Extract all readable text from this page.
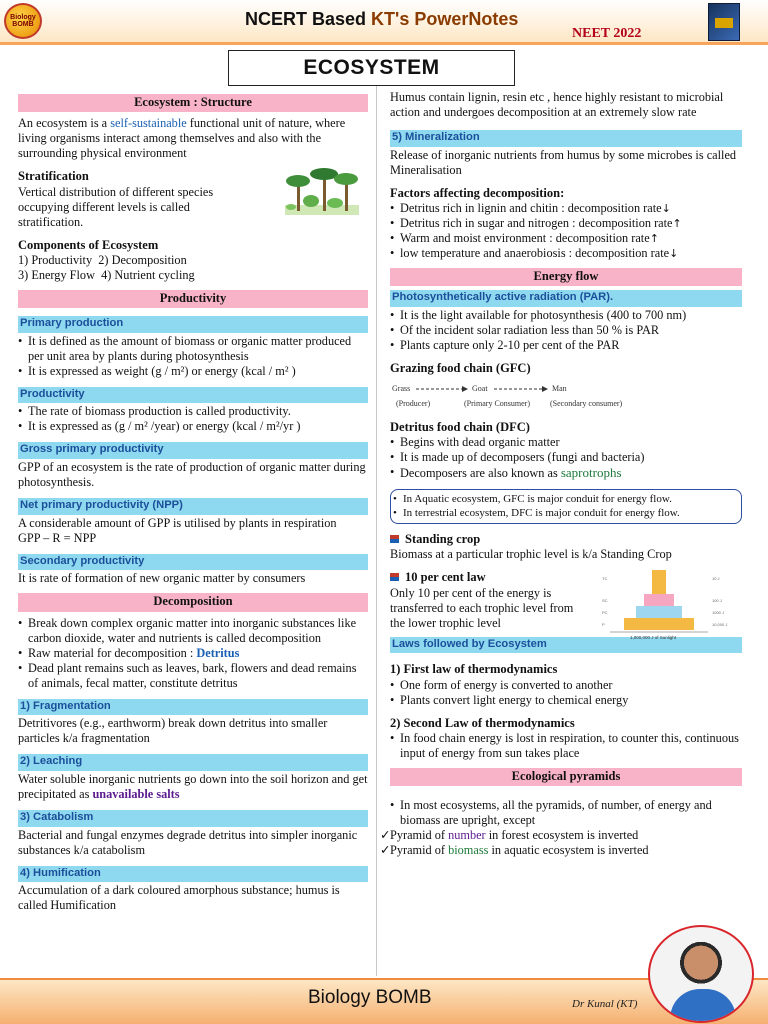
Biology BOMB	NCERT Based KT's PowerNotes
NEET 2022
ECOSYSTEM
Ecosystem : Structure

An ecosystem is a self-sustainable functional unit of nature, where living organisms interact among themselves and also with the surrounding physical environment

Stratification

Vertical distribution of different species occupying different levels is called stratification.

Components of Ecosystem

1) Productivity  2) Decomposition

3) Energy Flow  4) Nutrient cycling

Productivity
Primary production
• It is defined as the amount of biomass or organic matter produced per unit area by plants during photosynthesis
• It is expressed as weight (g / m²) or energy (kcal / m² )
Productivity
• The rate of biomass production is called productivity.
• It is expressed as (g / m² /year) or energy (kcal / m²/yr )
Gross primary productivity

GPP of an ecosystem is the rate of production of organic matter during photosynthesis.

Net primary productivity (NPP)

A considerable amount of GPP is utilised by plants in respirationGPP – R = NPP

Secondary productivity

It is rate of formation of new organic matter by consumers

Decomposition
• Break down complex organic matter into inorganic substances like carbon dioxide, water and nutrients is called decomposition
• Raw material for decomposition : Detritus
• Dead plant remains such as leaves, bark, flowers and dead remains of animals, fecal matter, constitute detritus
1) Fragmentation

Detritivores (e.g., earthworm) break down detritus into smaller particles k/a fragmentation

2) Leaching

Water soluble inorganic nutrients go down into the soil horizon and get precipitated as unavailable salts

3) Catabolism

Bacterial and fungal enzymes degrade detritus into simpler inorganic substances k/a catabolism

4) Humification

Accumulation of a dark coloured amorphous substance; humus is called Humification

Humus contain lignin, resin etc , hence highly resistant to microbial action and undergoes decomposition at an extremely slow rate

5) Mineralization

Release of inorganic nutrients from humus by some microbes is called Mineralisation

Factors affecting decomposition:
• Detritus rich in lignin and chitin : decomposition rate↓
• Detritus rich in sugar and nitrogen : decomposition rate↑
• Warm and moist environment : decomposition rate↑
• low temperature and anaerobiosis : decomposition rate↓
Energy flow
Photosynthetically active radiation (PAR).
• It is the light available for photosynthesis (400 to 700 nm)
• Of the incident solar radiation less than 50 % is PAR
• Plants capture only 2-10 per cent of the PAR
Grazing food chain (GFC)
Grass
(Producer)
Goat
(Primary Consumer)
Man
(Secondary consumer)
Detritus food chain (DFC)
• Begins with dead organic matter
• It is made up of decomposers (fungi and bacteria)
• Decomposers are also known as saprotrophs
• In Aquatic ecosystem, GFC is major conduit for energy flow.
• In terrestrial ecosystem, DFC is major conduit for energy flow.
Standing crop

Biomass at a particular trophic level is k/a Standing Crop

10 per cent law

Only 10 per cent of the energy is transferred to each trophic level from the lower trophic level

TC
SC
PC
P
10 J
100 J
1000 J
10,000 J
1,000,000 J of Sunlight
Laws followed by Ecosystem
1) First law of thermodynamics
• One form of energy is converted to another
• Plants convert light energy to chemical energy
2) Second Law of thermodynamics
• In food chain energy is lost in respiration, to counter this, continuous input of energy from sun takes place
Ecological pyramids
• In most ecosystems, all the pyramids, of number, of energy and biomass are upright, except
✓ Pyramid of number in forest ecosystem is inverted
✓ Pyramid of biomass in aquatic ecosystem is inverted
Biology BOMB	Dr Kunal (KT)
